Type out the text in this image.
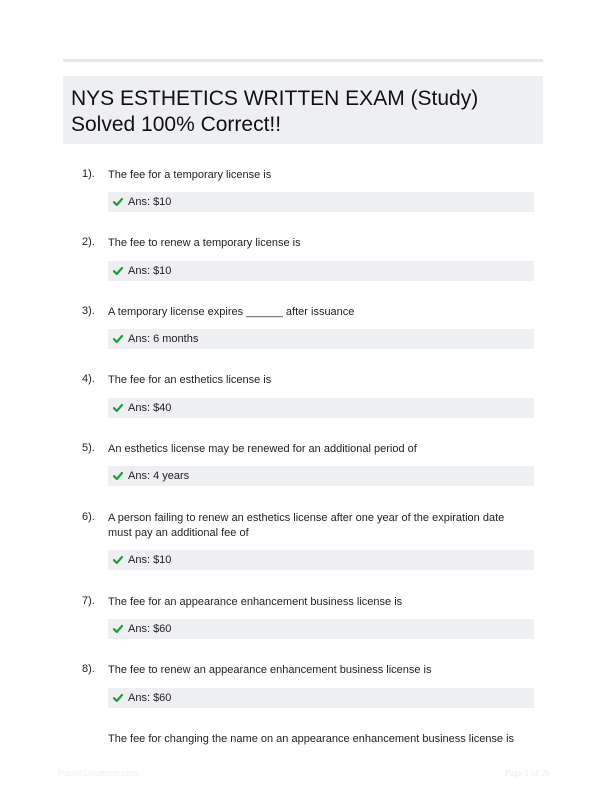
NYS ESTHETICS WRITTEN EXAM (Study) Solved 100% Correct!!
1). The fee for a temporary license is
Ans: $10
2). The fee to renew a temporary license is
Ans: $10
3). A temporary license expires ______ after issuance
Ans: 6 months
4). The fee for an esthetics license is
Ans: $40
5). An esthetics license may be renewed for an additional period of
Ans: 4 years
6). A person failing to renew an esthetics license after one year of the expiration date must pay an additional fee of
Ans: $10
7). The fee for an appearance enhancement business license is
Ans: $60
8). The fee to renew an appearance enhancement business license is
Ans: $60
The fee for changing the name on an appearance enhancement business license is
PaperSolutions.com	Page 1 of 26
